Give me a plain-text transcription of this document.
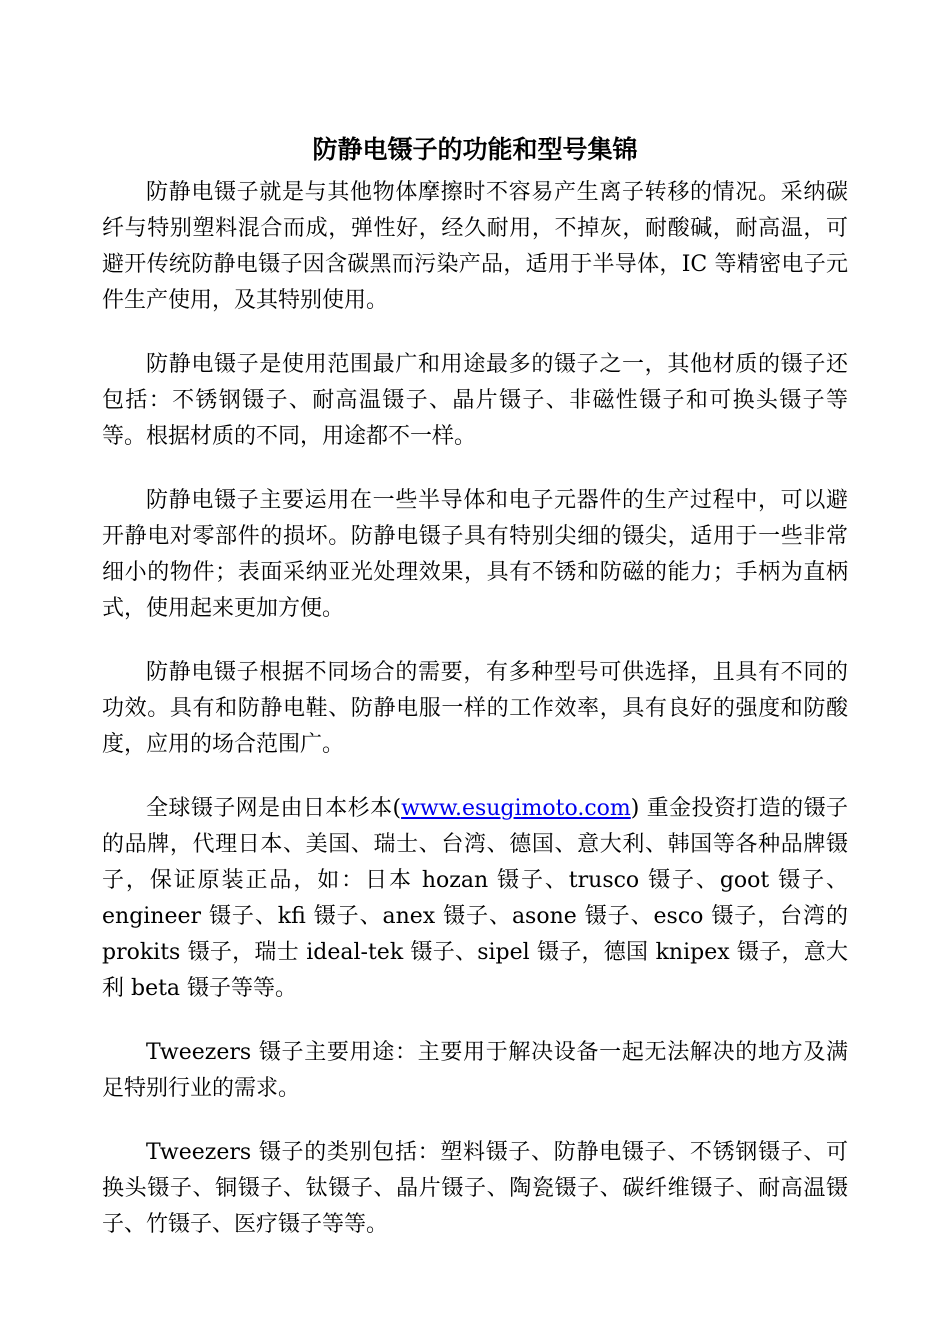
防静电镊子的功能和型号集锦

防静电镊子就是与其他物体摩擦时不容易产生离子转移的情况。采纳碳纤与特别塑料混合而成，弹性好，经久耐用，不掉灰，耐酸碱，耐高温，可避开传统防静电镊子因含碳黑而污染产品，适用于半导体，IC 等精密电子元件生产使用，及其特别使用。

防静电镊子是使用范围最广和用途最多的镊子之一，其他材质的镊子还包括：不锈钢镊子、耐高温镊子、晶片镊子、非磁性镊子和可换头镊子等等。根据材质的不同，用途都不一样。

防静电镊子主要运用在一些半导体和电子元器件的生产过程中，可以避开静电对零部件的损坏。防静电镊子具有特别尖细的镊尖，适用于一些非常细小的物件；表面采纳亚光处理效果，具有不锈和防磁的能力；手柄为直柄式，使用起来更加方便。

防静电镊子根据不同场合的需要，有多种型号可供选择，且具有不同的功效。具有和防静电鞋、防静电服一样的工作效率，具有良好的强度和防酸度，应用的场合范围广。

全球镊子网是由日本杉本(www.esugimoto.com) 重金投资打造的镊子的品牌，代理日本、美国、瑞士、台湾、德国、意大利、韩国等各种品牌镊子，保证原装正品，如：日本 hozan 镊子、trusco 镊子、goot 镊子、engineer 镊子、kfi 镊子、anex 镊子、asone 镊子、esco 镊子，台湾的 prokits 镊子，瑞士 ideal-tek 镊子、sipel 镊子，德国 knipex 镊子，意大利 beta 镊子等等。

Tweezers 镊子主要用途：主要用于解决设备一起无法解决的地方及满足特别行业的需求。

Tweezers 镊子的类别包括：塑料镊子、防静电镊子、不锈钢镊子、可换头镊子、铜镊子、钛镊子、晶片镊子、陶瓷镊子、碳纤维镊子、耐高温镊子、竹镊子、医疗镊子等等。
